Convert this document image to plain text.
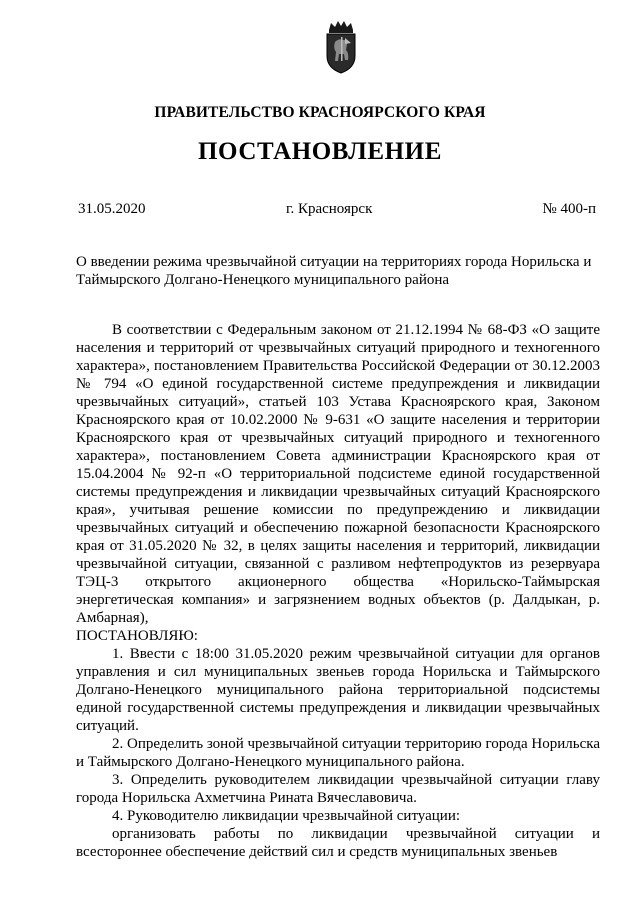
ПРАВИТЕЛЬСТВО КРАСНОЯРСКОГО КРАЯ
ПОСТАНОВЛЕНИЕ
31.05.2020	г. Красноярск	№ 400-п
О введении режима чрезвычайной ситуации на территориях города Норильска и Таймырского Долгано-Ненецкого муниципального района

В соответствии с Федеральным законом от 21.12.1994 № 68-ФЗ «О защите населения и территорий от чрезвычайных ситуаций природного и техногенного характера», постановлением Правительства Российской Федерации от 30.12.2003 № 794 «О единой государственной системе предупреждения и ликвидации чрезвычайных ситуаций», статьей 103 Устава Красноярского края, Законом Красноярского края от 10.02.2000 № 9-631 «О защите населения и территории Красноярского края от чрезвычайных ситуаций природного и техногенного характера», постановлением Совета администрации Красноярского края от 15.04.2004 № 92-п «О территориальной подсистеме единой государственной системы предупреждения и ликвидации чрезвычайных ситуаций Красноярского края», учитывая решение комиссии по предупреждению и ликвидации чрезвычайных ситуаций и обеспечению пожарной безопасности Красноярского края от 31.05.2020 № 32, в целях защиты населения и территорий, ликвидации чрезвычайной ситуации, связанной с разливом нефтепродуктов из резервуара ТЭЦ-3 открытого акционерного общества «Норильско-Таймырская энергетическая компания» и загрязнением водных объектов (р. Далдыкан, р. Амбарная),

ПОСТАНОВЛЯЮ:

1. Ввести с 18:00 31.05.2020 режим чрезвычайной ситуации для органов управления и сил муниципальных звеньев города Норильска и Таймырского Долгано-Ненецкого муниципального района территориальной подсистемы единой государственной системы предупреждения и ликвидации чрезвычайных ситуаций.

2. Определить зоной чрезвычайной ситуации территорию города Норильска и Таймырского Долгано-Ненецкого муниципального района.

3. Определить руководителем ликвидации чрезвычайной ситуации главу города Норильска Ахметчина Рината Вячеславовича.

4. Руководителю ликвидации чрезвычайной ситуации:

организовать работы по ликвидации чрезвычайной ситуации и всестороннее обеспечение действий сил и средств муниципальных звеньев
